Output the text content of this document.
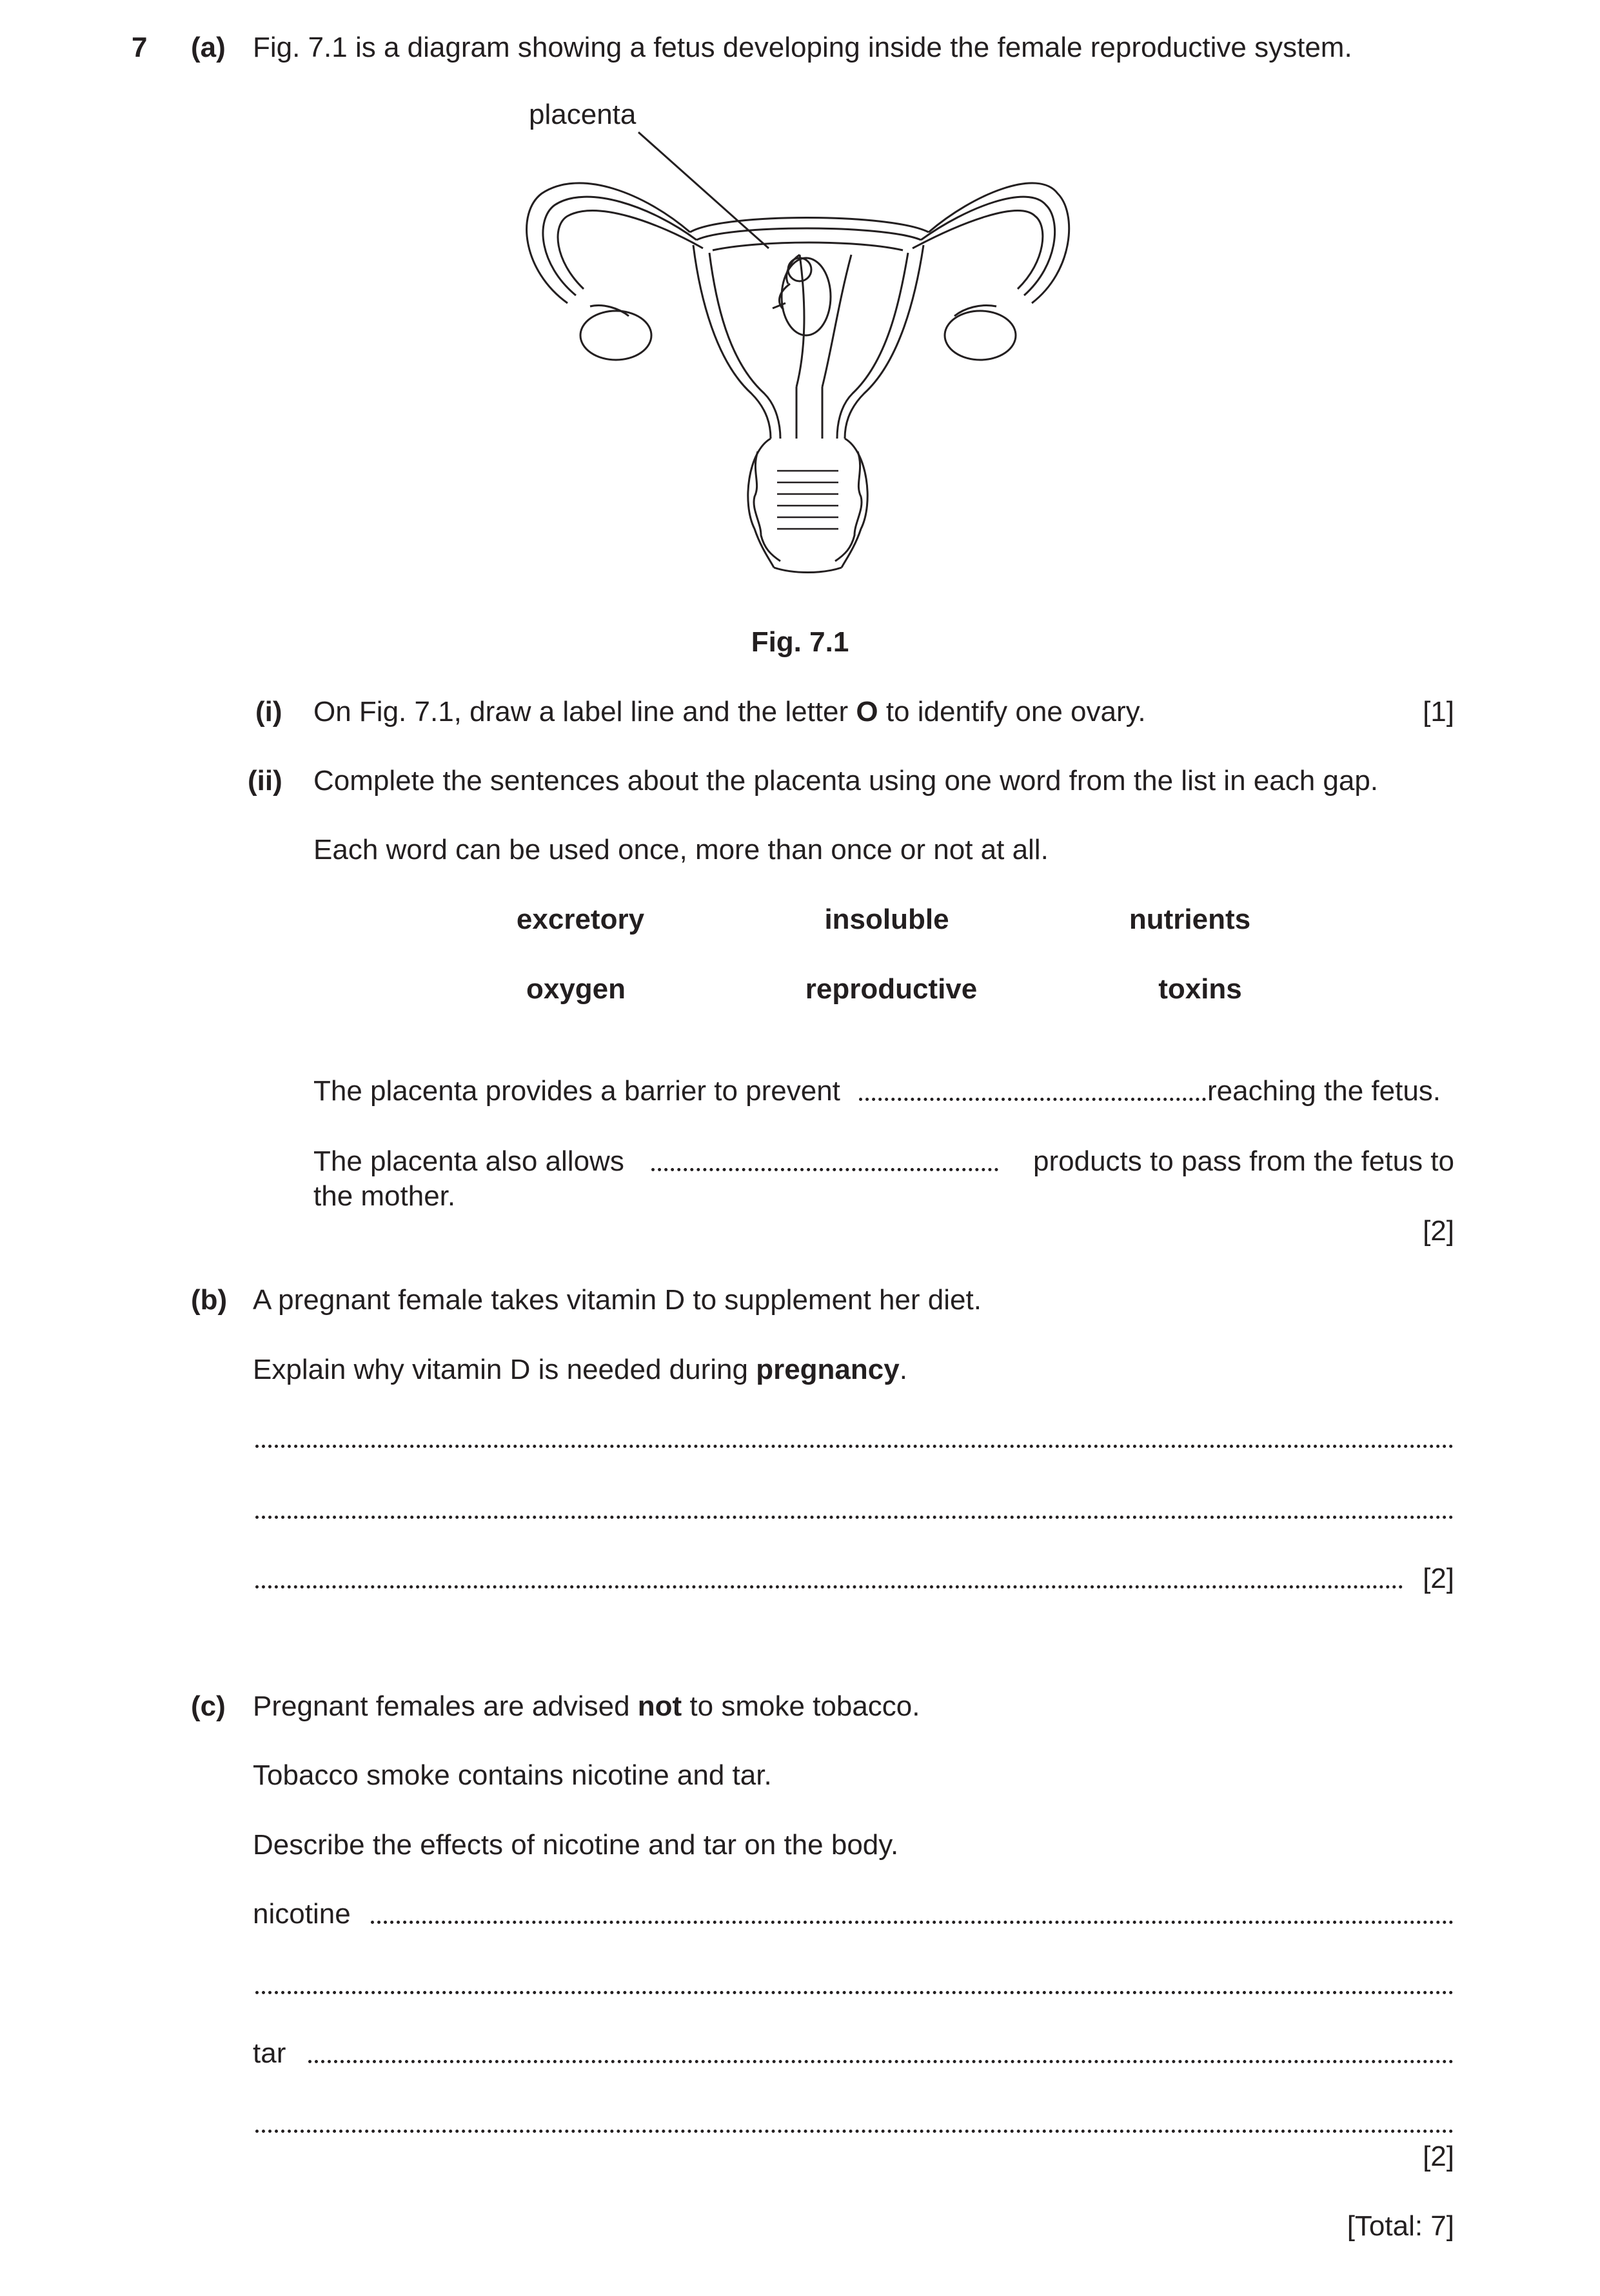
7 (a) Fig. 7.1 is a diagram showing a fetus developing inside the female reproductive system.
placenta
Fig. 7.1
(i) On Fig. 7.1, draw a label line and the letter O to identify one ovary.	[1]
(ii) Complete the sentences about the placenta using one word from the list in each gap.
Each word can be used once, more than once or not at all.
excretory	insoluble	nutrients
oxygen	reproductive	toxins
The placenta provides a barrier to prevent	reaching the fetus.
The placenta also allows	products to pass from the fetus to
the mother.
[2]
(b) A pregnant female takes vitamin D to supplement her diet.
Explain why vitamin D is needed during pregnancy.
[2]
(c) Pregnant females are advised not to smoke tobacco.
Tobacco smoke contains nicotine and tar.
Describe the effects of nicotine and tar on the body.
nicotine
tar
[2]
[Total: 7]
